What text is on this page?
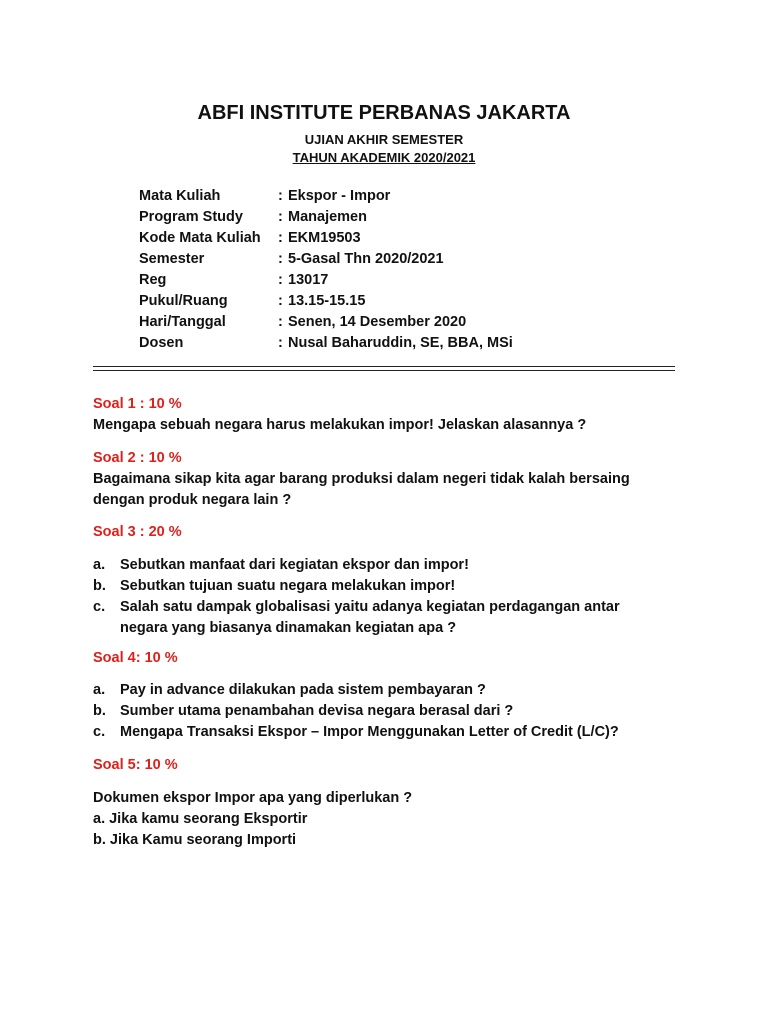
ABFI INSTITUTE PERBANAS JAKARTA
UJIAN AKHIR SEMESTER
TAHUN AKADEMIK 2020/2021
Mata Kuliah	: Ekspor - Impor
Program Study : Manajemen
Kode Mata Kuliah : EKM19503
Semester	: 5-Gasal Thn 2020/2021
Reg	: 13017
Pukul/Ruang	: 13.15-15.15
Hari/Tanggal	: Senen, 14 Desember 2020
Dosen	: Nusal Baharuddin, SE, BBA, MSi
Soal 1 : 10 %
Mengapa sebuah negara harus melakukan impor! Jelaskan alasannya ?
Soal 2 : 10 %
Bagaimana sikap kita agar barang produksi dalam negeri tidak kalah bersaing
dengan produk negara lain ?
Soal 3 : 20 %
a. Sebutkan manfaat dari kegiatan ekspor dan impor!
b. Sebutkan tujuan suatu negara melakukan impor!
c. Salah satu dampak globalisasi yaitu adanya kegiatan perdagangan antar
negara yang biasanya dinamakan kegiatan apa ?
Soal 4: 10 %
a. Pay in advance dilakukan pada sistem pembayaran ?
b. Sumber utama penambahan devisa negara berasal dari ?
c. Mengapa Transaksi Ekspor – Impor Menggunakan Letter of Credit (L/C)?
Soal 5: 10 %
Dokumen ekspor Impor apa yang diperlukan ?
a. Jika kamu seorang Eksportir
b. Jika Kamu seorang Importi
